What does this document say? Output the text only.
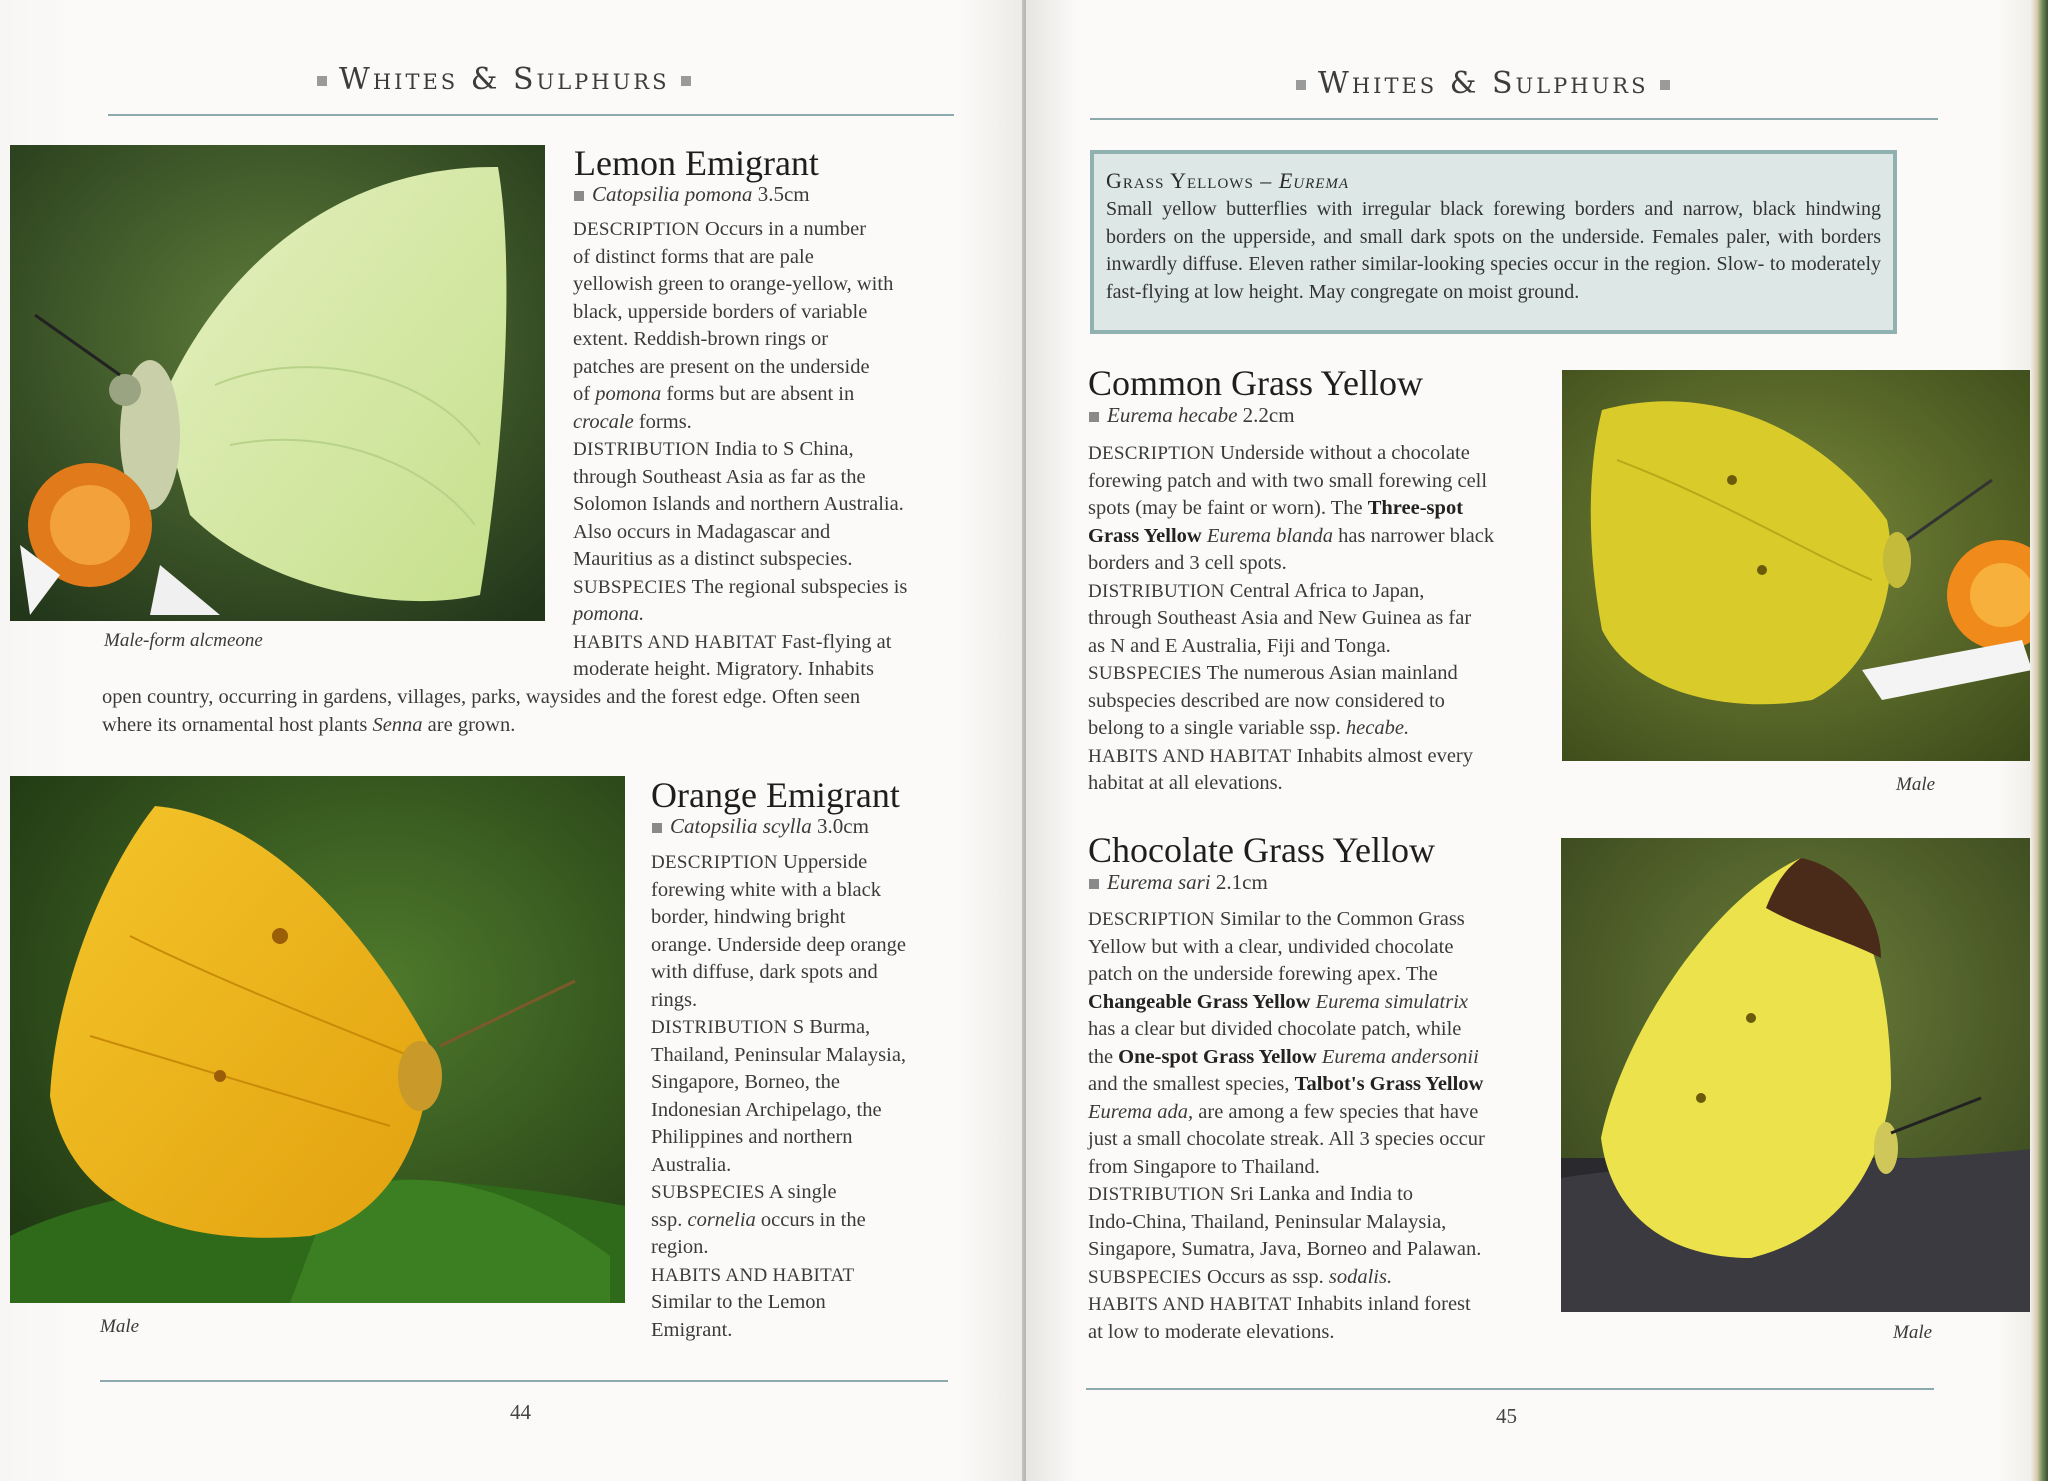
Whites & Sulphurs
Male-form alcmeone
Lemon Emigrant
Catopsilia pomona 3.5cm
DESCRIPTION Occurs in a number
of distinct forms that are pale
yellowish green to orange-yellow, with
black, upperside borders of variable
extent. Reddish-brown rings or
patches are present on the underside
of pomona forms but are absent in
crocale forms.
DISTRIBUTION India to S China,
through Southeast Asia as far as the
Solomon Islands and northern Australia.
Also occurs in Madagascar and
Mauritius as a distinct subspecies.
SUBSPECIES The regional subspecies is
pomona.
HABITS AND HABITAT Fast-flying at
moderate height. Migratory. Inhabits
open country, occurring in gardens, villages, parks, waysides and the forest edge. Often seen
where its ornamental host plants Senna are grown.
Male
Orange Emigrant
Catopsilia scylla 3.0cm
DESCRIPTION Upperside
forewing white with a black
border, hindwing bright
orange. Underside deep orange
with diffuse, dark spots and
rings.
DISTRIBUTION S Burma,
Thailand, Peninsular Malaysia,
Singapore, Borneo, the
Indonesian Archipelago, the
Philippines and northern
Australia.
SUBSPECIES A single
ssp. cornelia occurs in the
region.
HABITS AND HABITAT
Similar to the Lemon
Emigrant.
44
Whites & Sulphurs
Male
Male
Grass Yellows – Eurema
Small yellow butterflies with irregular black forewing borders and narrow, black hindwing borders on the upperside, and small dark spots on the underside. Females paler, with borders inwardly diffuse. Eleven rather similar-looking species occur in the region. Slow- to moderately fast-flying at low height. May congregate on moist ground.
Common Grass Yellow
Eurema hecabe 2.2cm
DESCRIPTION Underside without a chocolate
forewing patch and with two small forewing cell
spots (may be faint or worn). The Three-spot
Grass Yellow Eurema blanda has narrower black
borders and 3 cell spots.
DISTRIBUTION Central Africa to Japan,
through Southeast Asia and New Guinea as far
as N and E Australia, Fiji and Tonga.
SUBSPECIES The numerous Asian mainland
subspecies described are now considered to
belong to a single variable ssp. hecabe.
HABITS AND HABITAT Inhabits almost every
habitat at all elevations.
Chocolate Grass Yellow
Eurema sari 2.1cm
DESCRIPTION Similar to the Common Grass
Yellow but with a clear, undivided chocolate
patch on the underside forewing apex. The
Changeable Grass Yellow Eurema simulatrix
has a clear but divided chocolate patch, while
the One-spot Grass Yellow Eurema andersonii
and the smallest species, Talbot's Grass Yellow
Eurema ada, are among a few species that have
just a small chocolate streak. All 3 species occur
from Singapore to Thailand.
DISTRIBUTION Sri Lanka and India to
Indo-China, Thailand, Peninsular Malaysia,
Singapore, Sumatra, Java, Borneo and Palawan.
SUBSPECIES Occurs as ssp. sodalis.
HABITS AND HABITAT Inhabits inland forest
at low to moderate elevations.
45
